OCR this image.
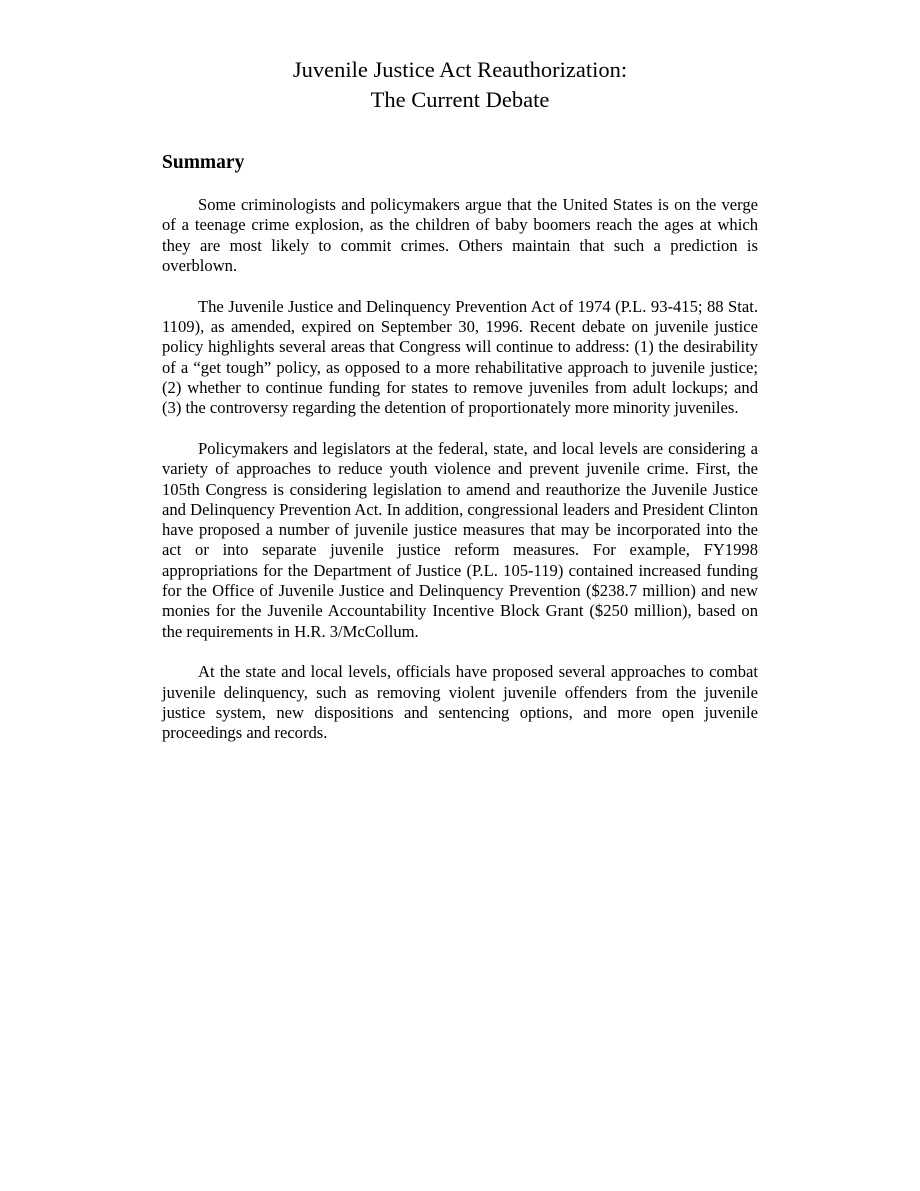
Juvenile Justice Act Reauthorization:
The Current Debate
Summary

Some criminologists and policymakers argue that the United States is on the verge of a teenage crime explosion, as the children of baby boomers reach the ages at which they are most likely to commit crimes. Others maintain that such a prediction is overblown.

The Juvenile Justice and Delinquency Prevention Act of 1974 (P.L. 93-415; 88 Stat. 1109), as amended, expired on September 30, 1996. Recent debate on juvenile justice policy highlights several areas that Congress will continue to address: (1) the desirability of a “get tough” policy, as opposed to a more rehabilitative approach to juvenile justice; (2) whether to continue funding for states to remove juveniles from adult lockups; and (3) the controversy regarding the detention of proportionately more minority juveniles.

Policymakers and legislators at the federal, state, and local levels are considering a variety of approaches to reduce youth violence and prevent juvenile crime. First, the 105th Congress is considering legislation to amend and reauthorize the Juvenile Justice and Delinquency Prevention Act. In addition, congressional leaders and President Clinton have proposed a number of juvenile justice measures that may be incorporated into the act or into separate juvenile justice reform measures. For example, FY1998 appropriations for the Department of Justice (P.L. 105-119) contained increased funding for the Office of Juvenile Justice and Delinquency Prevention ($238.7 million) and new monies for the Juvenile Accountability Incentive Block Grant ($250 million), based on the requirements in H.R. 3/McCollum.

At the state and local levels, officials have proposed several approaches to combat juvenile delinquency, such as removing violent juvenile offenders from the juvenile justice system, new dispositions and sentencing options, and more open juvenile proceedings and records.
